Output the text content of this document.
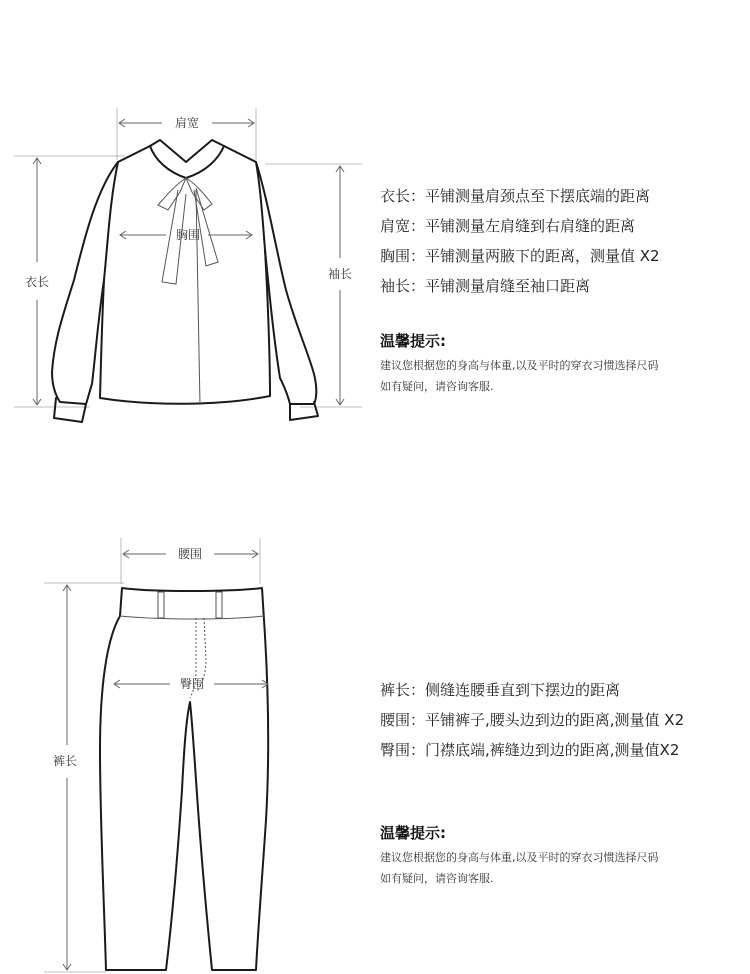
肩宽
衣长
袖长
胸围
衣长：平铺测量肩颈点至下摆底端的距离
肩宽：平铺测量左肩缝到右肩缝的距离
胸围：平铺测量两腋下的距离，测量值 X2
袖长：平铺测量肩缝至袖口距离
温馨提示:
建议您根据您的身高与体重,以及平时的穿衣习惯选择尺码
如有疑问，请咨询客服.
腰围
裤长
臀围	裤长：侧缝连腰垂直到下摆边的距离
腰围：平铺裤子,腰头边到边的距离,测量值 X2
臀围：门襟底端,裤缝边到边的距离,测量值X2
温馨提示:
建议您根据您的身高与体重,以及平时的穿衣习惯选择尺码
如有疑问，请咨询客服.
